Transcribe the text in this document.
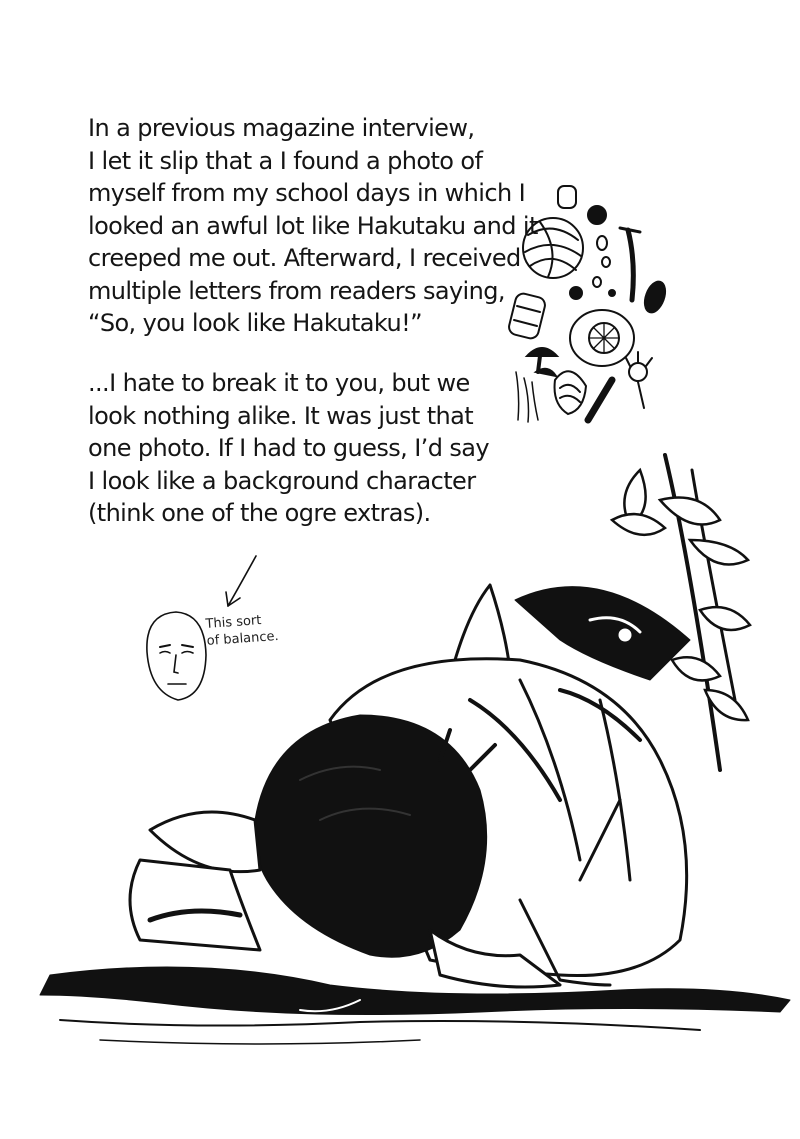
In a previous magazine interview,
I let it slip that a I found a photo of
myself from my school days in which I
looked an awful lot like Hakutaku and it
creeped me out. Afterward, I received
multiple letters from readers saying,
“So, you look like Hakutaku!”
...I hate to break it to you, but we
look nothing alike. It was just that
one photo. If I had to guess, I’d say
I look like a background character
(think one of the ogre extras).
This sort
of balance.
